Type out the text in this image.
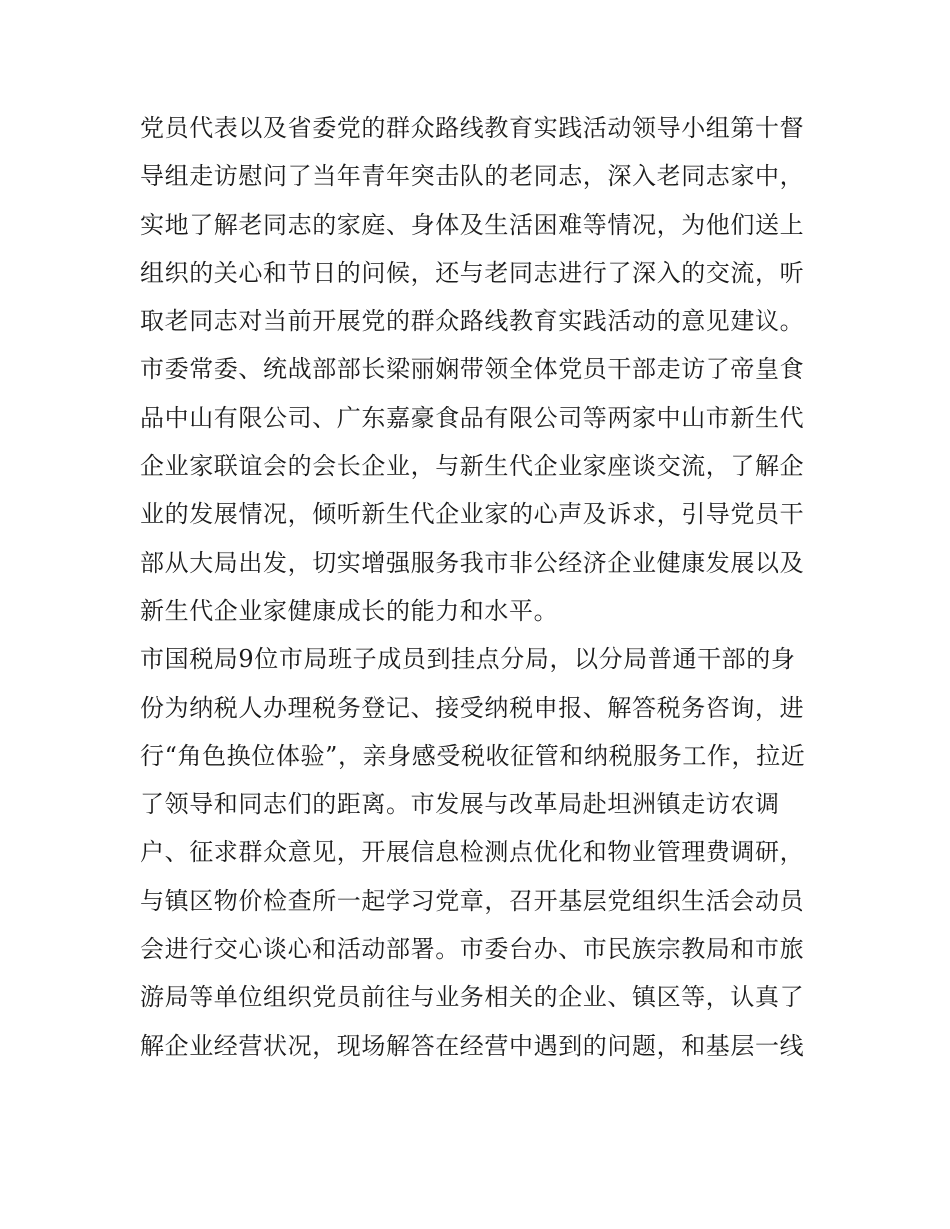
党员代表以及省委党的群众路线教育实践活动领导小组第十督
导组走访慰问了当年青年突击队的老同志，深入老同志家中，
实地了解老同志的家庭、身体及生活困难等情况，为他们送上
组织的关心和节日的问候，还与老同志进行了深入的交流，听
取老同志对当前开展党的群众路线教育实践活动的意见建议。
市委常委、统战部部长梁丽娴带领全体党员干部走访了帝皇食
品中山有限公司、广东嘉豪食品有限公司等两家中山市新生代
企业家联谊会的会长企业，与新生代企业家座谈交流，了解企
业的发展情况，倾听新生代企业家的心声及诉求，引导党员干
部从大局出发，切实增强服务我市非公经济企业健康发展以及
新生代企业家健康成长的能力和水平。
市国税局9位市局班子成员到挂点分局，以分局普通干部的身
份为纳税人办理税务登记、接受纳税申报、解答税务咨询，进
行“角色换位体验”，亲身感受税收征管和纳税服务工作，拉近
了领导和同志们的距离。市发展与改革局赴坦洲镇走访农调
户、征求群众意见，开展信息检测点优化和物业管理费调研，
与镇区物价检查所一起学习党章，召开基层党组织生活会动员
会进行交心谈心和活动部署。市委台办、市民族宗教局和市旅
游局等单位组织党员前往与业务相关的企业、镇区等，认真了
解企业经营状况，现场解答在经营中遇到的问题，和基层一线
